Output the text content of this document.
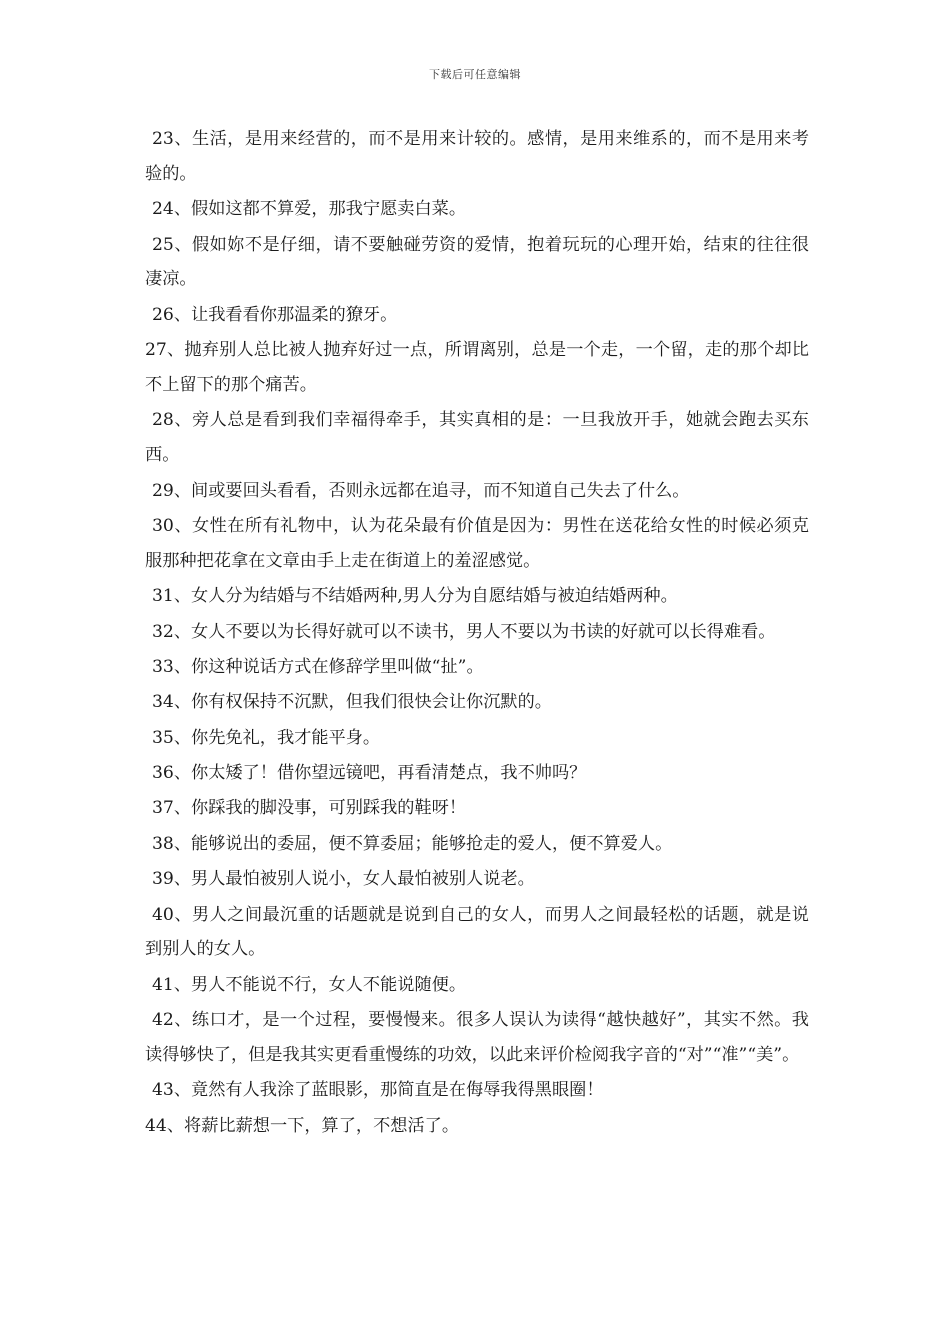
下载后可任意编辑

23、生活，是用来经营的，而不是用来计较的。感情，是用来维系的，而不是用来考验的。

24、假如这都不算爱，那我宁愿卖白菜。

25、假如妳不是仔细，请不要触碰劳资的爱情，抱着玩玩的心理开始，结束的往往很凄凉。

26、让我看看你那温柔的獠牙。

27、抛弃别人总比被人抛弃好过一点，所谓离别，总是一个走，一个留，走的那个却比不上留下的那个痛苦。

28、旁人总是看到我们幸福得牵手，其实真相的是：一旦我放开手，她就会跑去买东西。

29、间或要回头看看，否则永远都在追寻，而不知道自己失去了什么。

30、女性在所有礼物中，认为花朵最有价值是因为：男性在送花给女性的时候必须克服那种把花拿在文章由手上走在街道上的羞涩感觉。

31、女人分为结婚与不结婚两种,男人分为自愿结婚与被迫结婚两种。

32、女人不要以为长得好就可以不读书，男人不要以为书读的好就可以长得难看。

33、你这种说话方式在修辞学里叫做“扯”。

34、你有权保持不沉默，但我们很快会让你沉默的。

35、你先免礼，我才能平身。

36、你太矮了！借你望远镜吧，再看清楚点，我不帅吗？

37、你踩我的脚没事，可别踩我的鞋呀！

38、能够说出的委屈，便不算委屈；能够抢走的爱人，便不算爱人。

39、男人最怕被别人说小，女人最怕被别人说老。

40、男人之间最沉重的话题就是说到自己的女人，而男人之间最轻松的话题，就是说到别人的女人。

41、男人不能说不行，女人不能说随便。

42、练口才，是一个过程，要慢慢来。很多人误认为读得“越快越好”，其实不然。我读得够快了，但是我其实更看重慢练的功效，以此来评价检阅我字音的“对”“准”“美”。

43、竟然有人我涂了蓝眼影，那简直是在侮辱我得黑眼圈！

44、将薪比薪想一下，算了，不想活了。
